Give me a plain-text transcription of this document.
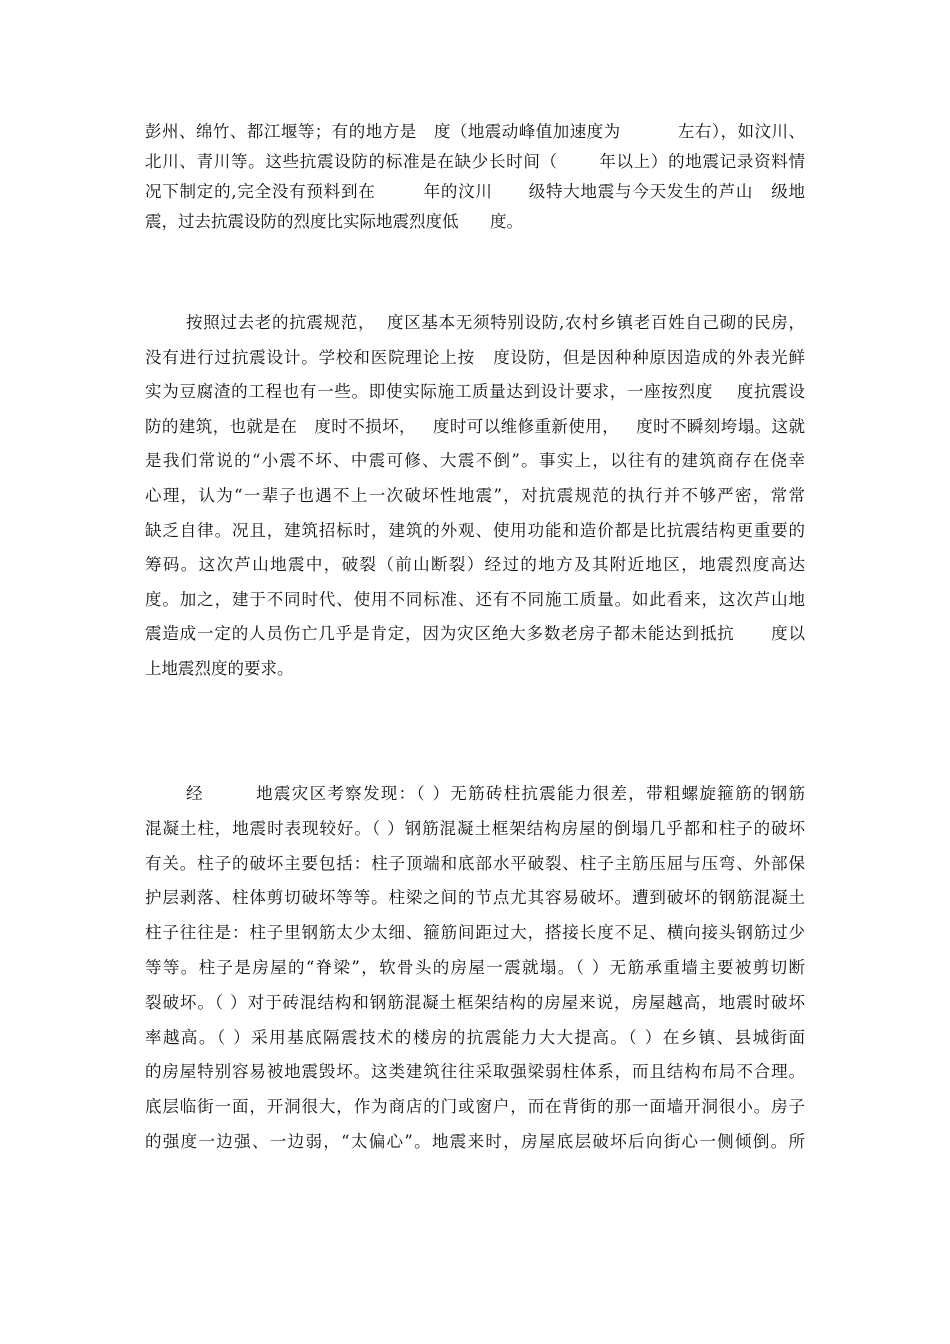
彭州、绵竹、都江堰等；有的地方是   度（地震动峰值加速度为          左右），如汶川、
北川、青川等。这些抗震设防的标准是在缺少长时间（       年以上）的地震记录资料情
况下制定的,完全没有预料到在        年的汶川      级特大地震与今天发生的芦山   级地
震，过去抗震设防的烈度比实际地震烈度低      度。
按照过去老的抗震规范，  度区基本无须特别设防,农村乡镇老百姓自己砌的民房，
没有进行过抗震设计。学校和医院理论上按   度设防，但是因种种原因造成的外表光鲜
实为豆腐渣的工程也有一些。即使实际施工质量达到设计要求，一座按烈度    度抗震设
防的建筑，也就是在   度时不损坏，   度时可以维修重新使用，   度时不瞬刻垮塌。这就
是我们常说的“小震不坏、中震可修、大震不倒”。事实上，以往有的建筑商存在侥幸
心理，认为“一辈子也遇不上一次破坏性地震”，对抗震规范的执行并不够严密，常常
缺乏自律。况且，建筑招标时，建筑的外观、使用功能和造价都是比抗震结构更重要的
筹码。这次芦山地震中，破裂（前山断裂）经过的地方及其附近地区，地震烈度高达
度。加之，建于不同时代、使用不同标准、还有不同施工质量。如此看来，这次芦山地
震造成一定的人员伤亡几乎是肯定，因为灾区绝大多数老房子都未能达到抵抗      度以
上地震烈度的要求。
经        地震灾区考察发现：（ ）无筋砖柱抗震能力很差，带粗螺旋箍筋的钢筋
混凝土柱，地震时表现较好。（ ）钢筋混凝土框架结构房屋的倒塌几乎都和柱子的破坏
有关。柱子的破坏主要包括：柱子顶端和底部水平破裂、柱子主筋压屈与压弯、外部保
护层剥落、柱体剪切破坏等等。柱梁之间的节点尤其容易破坏。遭到破坏的钢筋混凝土
柱子往往是：柱子里钢筋太少太细、箍筋间距过大，搭接长度不足、横向接头钢筋过少
等等。柱子是房屋的“脊梁”，软骨头的房屋一震就塌。（ ）无筋承重墙主要被剪切断
裂破坏。（ ）对于砖混结构和钢筋混凝土框架结构的房屋来说，房屋越高，地震时破坏
率越高。（ ）采用基底隔震技术的楼房的抗震能力大大提高。（ ）在乡镇、县城街面
的房屋特别容易被地震毁坏。这类建筑往往采取强梁弱柱体系，而且结构布局不合理。
底层临街一面，开洞很大，作为商店的门或窗户，而在背街的那一面墙开洞很小。房子
的强度一边强、一边弱，“太偏心”。地震来时，房屋底层破坏后向街心一侧倾倒。所
